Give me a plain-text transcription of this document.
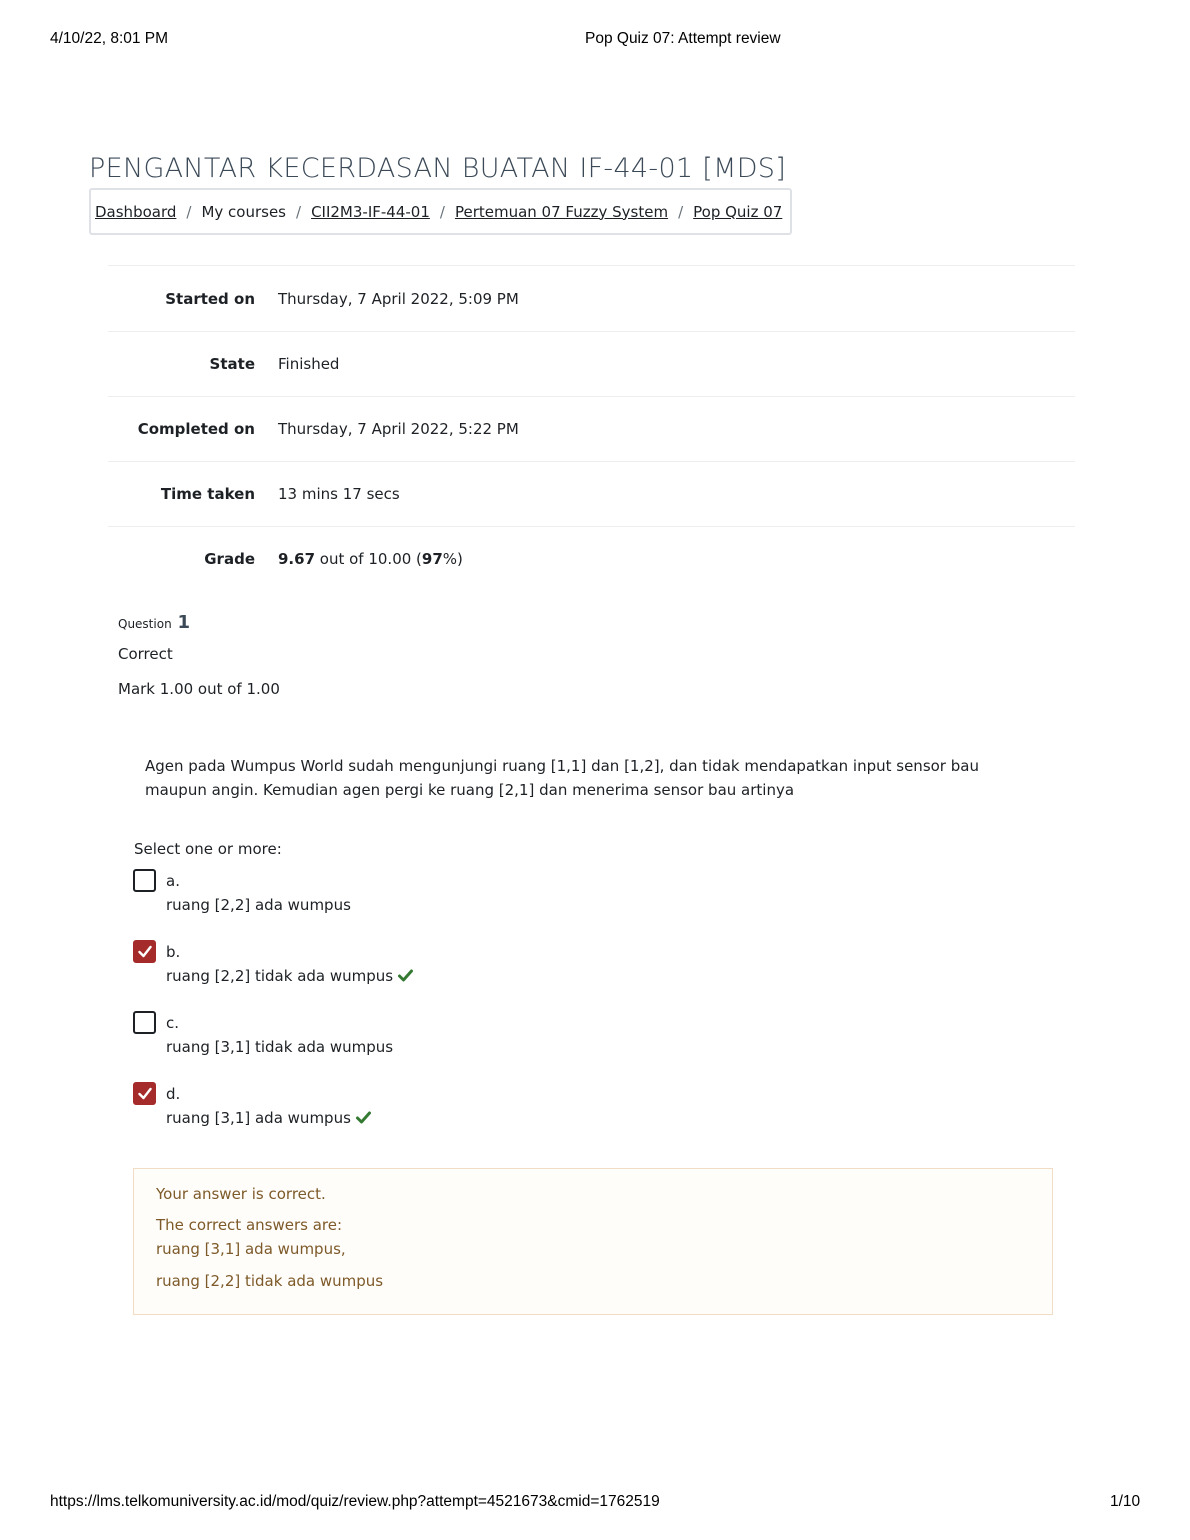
4/10/22, 8:01 PM	Pop Quiz 07: Attempt review
PENGANTAR KECERDASAN BUATAN IF-44-01 [MDS]
Dashboard / My courses / CII2M3-IF-44-01 / Pertemuan 07 Fuzzy System / Pop Quiz 07
Started on Thursday, 7 April 2022, 5:09 PM
State Finished
Completed on Thursday, 7 April 2022, 5:22 PM
Time taken 13 mins 17 secs
Grade 9.67 out of 10.00 (97%)
Question 1
Correct
Mark 1.00 out of 1.00
Agen pada Wumpus World sudah mengunjungi ruang [1,1] dan [1,2], dan tidak mendapatkan input sensor bau maupun angin. Kemudian agen pergi ke ruang [2,1] dan menerima sensor bau artinya
Select one or more:
a.
ruang [2,2] ada wumpus
b.
ruang [2,2] tidak ada wumpus
c.
ruang [3,1] tidak ada wumpus
d.
ruang [3,1] ada wumpus
Your answer is correct.
The correct answers are:
ruang [3,1] ada wumpus,
ruang [2,2] tidak ada wumpus
https://lms.telkomuniversity.ac.id/mod/quiz/review.php?attempt=4521673&cmid=1762519	1/10
